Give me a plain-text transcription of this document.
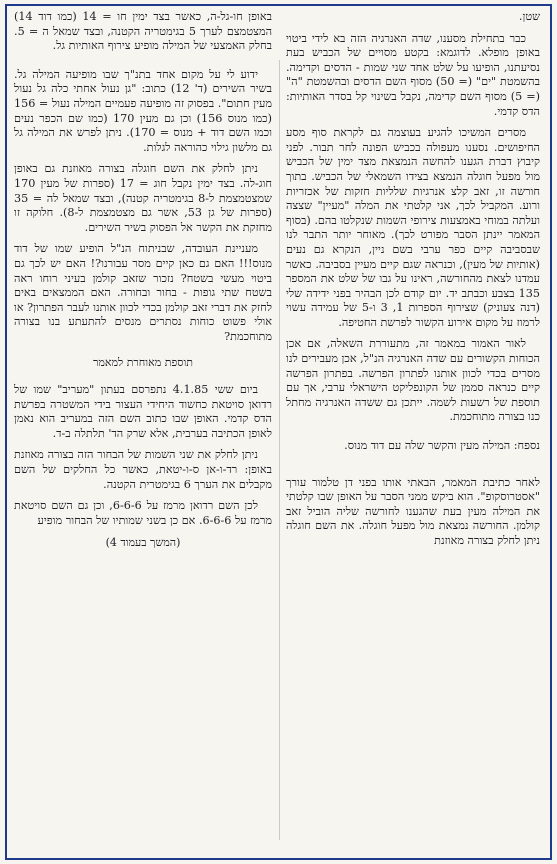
שטן.

כבר בתחילת מסענו, שדה האנרגיה הזה בא לידי ביטוי באופן מופלא. לדוגמא: בקטע מסויים של הכביש בעת נסיעתנו, הופיעו על שלט אחד שני שמות - הדסים וקדימה. בהשמטת "ים" (= 50) מסוף השם הדסים ובהשמטת "ה" (= 5) מסוף השם קדימה, נקבל בשינוי קל בסדר האותיות: הדס קדמי.

מסרים המשיכו להגיע בעוצמה גם לקראת סוף מסע החיפושים. נסענו מעפולה בכביש הפונה לחר תבור. לפני קיבוץ דברת הגענו להחשה הנמצאת מצד ימין של הכביש מול מפעל חוגלה הנמצא בצידו השמאלי של הכביש. בתוך חורשה זו, זאב קלצ אנרגיות שלליות חזקות של אכזריות ורוע. המקביל לכך, אני קלטתי את המלה "מעיין" שצצה ועלתה במוחי באמצעות צירופי השמות שנקלטו בהם. (בסוף המאמר יינתן הסבר מפורט לכך). מאוחר יותר התבר לנו שבסביבה קיים כפר ערבי בשם ניין, הנקרא גם נעים (אותיות של מעין), וכנראה שגם קיים מעיין בסביבה. כאשר עמדנו לצאת מהחורשה, ראינו על גבו של שלט את המספר 135 בצבע וכבתב יד. יום קודם לכן הבהיר בפני ידידה שלי (דנה צעוניק) שצירוף הספרות 1, 3 ו-5 של עמידה עשוי לרמוז על מקום אירוע הקשור לפרשת החטיפה.

לאור האמור במאמר זה, מתעוררת השאלה, אם אכן הכוחות הקשורים עם שדה האנרגיה הנ"ל, אכן מעבירים לנו מסרים בכדי לכוון אותנו לפתרון הפרשה. בפתרון הפרשה קיים כנראה סממן של הקונפליקט הישראלי ערבי, אך עם תוספת של רשעות לשמה. ייתכן גם ששדה האנרגיה מחתל כנו בצורה מתוחכמת.

נספח: המילה מעין והקשר שלה עם דוד מנוס.

לאחר כתיבת המאמר, הבאתי אותו בפני דן טלמור עורך "אסטרוסקופ". הוא ביקש ממני הסבר על האופן שבו קלטתי את המילה מעין בעת שהגענו לחורשה שליה הוביל זאב קולמן. החורשה נמצאת מול מפעל חוגלה. את השם חוגלה ניתן לחלק בצורה מאוזנת

באופן חו-גל-ה, כאשר בצד ימין חו = 14 (כמו דוד 14) המצטמצם לערך 5 בגימטריה הקטנה, ובצד שמאל ה = 5. בחלק האמצעי של המילה מופיע צירוף האותיות גל.

ידוע לי על מקום אחד בתנ"ך שבו מופיעה המילה גל. בשיר השירים (ד' 12) כתוב: "גן נעול אחתי כלה גל נעול מעין חתום". בפסוק זה מופיעה פעמיים המילה נעול = 156 (כמו מנוס 156) וכן גם מעין 170 (כמו שם הכפר נעים וכמו השם דוד + מנוס = 170). ניתן לפרש את המילה גל גם מלשון גילוי כהוראה לגלות.

ניתן לחלק את השם חוגלה בצורה מאוזנת גם באופן חוג-לה. בצד ימין נקבל חוג = 17 (ספרות של מעין 170 שמצטמצמת ל-8 בגימטריה קטנה), ובצד שמאל לה = 35 (ספרות של גן 53, אשר גם מצטמצמת ל-8). חלוקה זו מחזקת את הקשר אל הפסוק בשיר השירים.

מעניינת העובדה, שבניתוח הנ"ל הופיע שמו של דוד מנוס!!! האם גם כאן קיים מסר עבורנו?! האם יש לכך גם ביטוי מעשי בשטח? נזכור שזאב קולמן בעיני רוחו ראה בשטח שתי גופות - בחור ובחורה. האם הממצאים באים לחזק את דברי זאב קולמן בכדי לכוון אותנו לעבר הפתרון? או אולי פשוט כוחות נסתרים מנסים להתעתע בנו בצורה מתוחכמת?

תוספת מאוחרת למאמר

ביום ששי 4.1.85 נתפרסם בעתון "מעריב" שמו של רדואן סויטאת כחשוד היחידי העצור בידי המשטרה בפרשת הדס קדמי. האופן שבו כתוב השם הזה במעריב הוא נאמן לאופן הכתיבה בערבית, אלא שרק הד' תלתלה ב-ד.

ניתן לחלק את שני השמות של הבחור הזה בצורה מאוזנת באופן: רד-ו-אן ס-ו-יטאת, כאשר כל החלקים של השם מקבלים את הערך 6 בגימטרית הקטנה.

לכן השם רדואן מרמז על 6-6-6, וכן גם השם סויטאת מרמז על 6-6-6. אם כן בשני שמותיו של הבחור מופיע

(המשך בעמוד 4)
